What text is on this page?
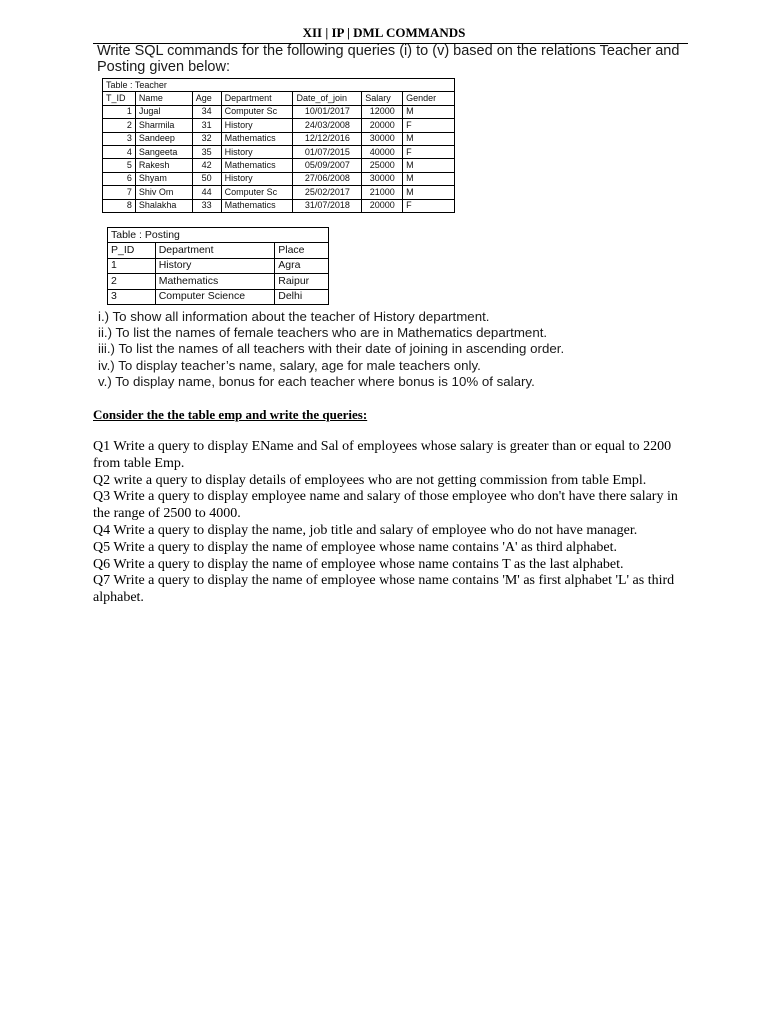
XII | IP | DML COMMANDS
Write SQL commands for the following queries (i) to (v) based on the relations Teacher and Posting given below:
Table : Teacher						
T_ID	Name	Age	Department	Date_of_join	Salary	Gender
1	Jugal	34	Computer Sc	10/01/2017	12000	M
2	Sharmila	31	History	24/03/2008	20000	F
3	Sandeep	32	Mathematics	12/12/2016	30000	M
4	Sangeeta	35	History	01/07/2015	40000	F
5	Rakesh	42	Mathematics	05/09/2007	25000	M
6	Shyam	50	History	27/06/2008	30000	M
7	Shiv Om	44	Computer Sc	25/02/2017	21000	M
8	Shalakha	33	Mathematics	31/07/2018	20000	F
Table : Posting		
P_ID	Department	Place
1	History	Agra
2	Mathematics	Raipur
3	Computer Science	Delhi
i.) To show all information about the teacher of History department.
ii.) To list the names of female teachers who are in Mathematics department.
iii.) To list the names of all teachers with their date of joining in ascending order.
iv.) To display teacher’s name, salary, age for male teachers only.
v.) To display name, bonus for each teacher where bonus is 10% of salary.
Consider the the table emp and write the queries:

Q1 Write a query to display EName and Sal of employees whose salary is greater than or equal to 2200 from table Emp.

Q2 write a query to display details of employees who are not getting commission from table Empl.

Q3 Write a query to display employee name and salary of those employee who don't have there salary in the range of 2500 to 4000.

Q4 Write a query to display the name, job title and salary of employee who do not have manager.

Q5 Write a query to display the name of employee whose name contains 'A' as third alphabet.

Q6 Write a query to display the name of employee whose name contains T as the last alphabet.

Q7 Write a query to display the name of employee whose name contains 'M' as first alphabet 'L' as third alphabet.
